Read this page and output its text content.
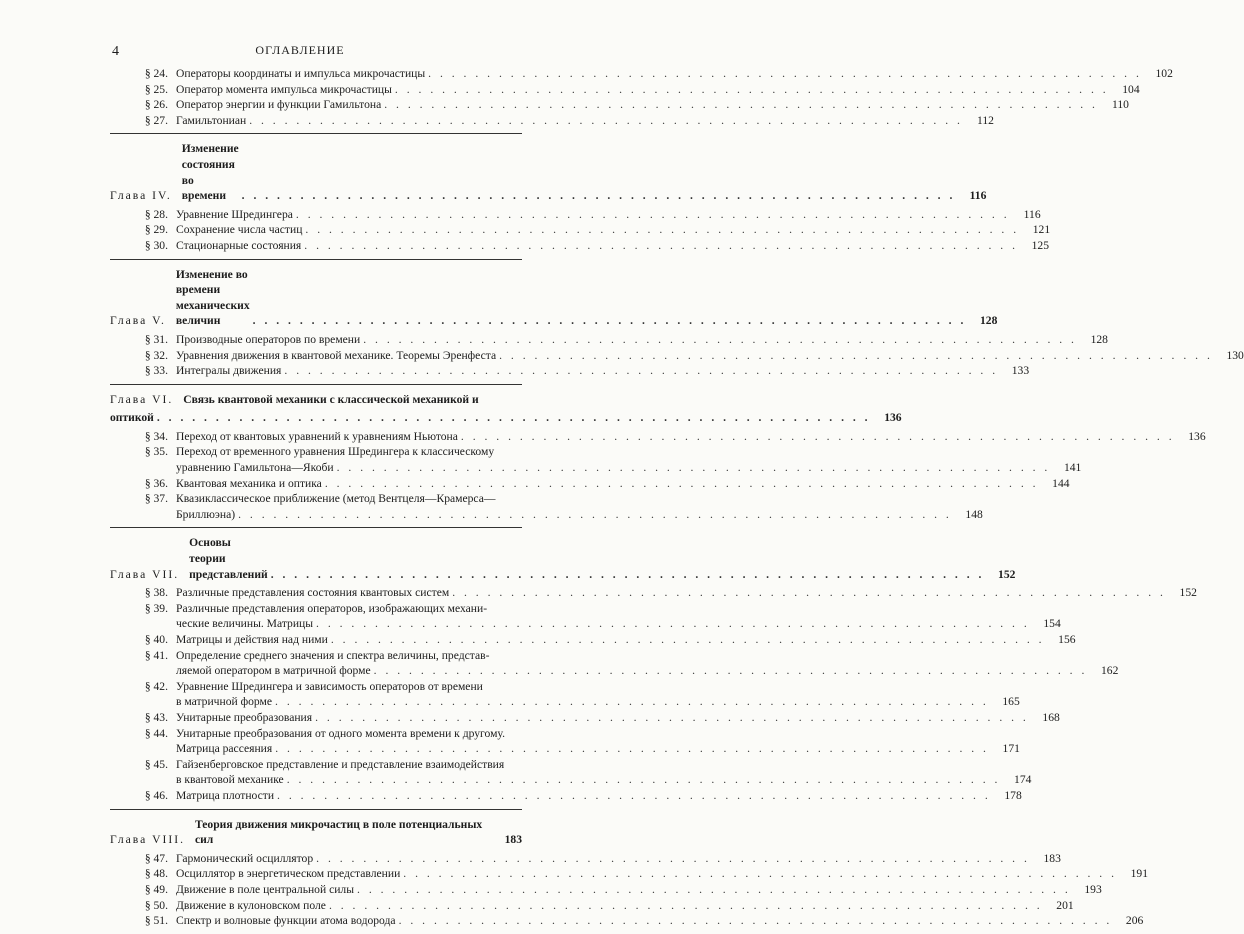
4	ОГЛАВЛЕНИЕ
§ 24. Операторы координаты и импульса микрочастицы . . . . . . . . . . . . . . . . . . . . . . . . . . . . . . . . . . . . . . . . . . . . . . . . . . . . . . . . . . . . .	102
§ 25. Оператор момента импульса микрочастицы . . . . . . . . . . . . . . . . . . . . . . . . . . . . . . . . . . . . . . . . . . . . . . . . . . . . . . . . . . . . .	104
§ 26. Оператор энергии и функции Гамильтона . . . . . . . . . . . . . . . . . . . . . . . . . . . . . . . . . . . . . . . . . . . . . . . . . . . . . . . . . . . . .	110
§ 27. Гамильтониан . . . . . . . . . . . . . . . . . . . . . . . . . . . . . . . . . . . . . . . . . . . . . . . . . . . . . . . . . . . . .	112
Глава IV.
Изменение состояния во времени	. . . . . . . . . . . . . . . . . . . . . . . . . . . . . . . . . . . . . . . . . . . . . . . . . . . . . . . . . . . . .	116
§ 28. Уравнение Шредингера . . . . . . . . . . . . . . . . . . . . . . . . . . . . . . . . . . . . . . . . . . . . . . . . . . . . . . . . . . . . .	116
§ 29. Сохранение числа частиц . . . . . . . . . . . . . . . . . . . . . . . . . . . . . . . . . . . . . . . . . . . . . . . . . . . . . . . . . . . . .	121
§ 30. Стационарные состояния . . . . . . . . . . . . . . . . . . . . . . . . . . . . . . . . . . . . . . . . . . . . . . . . . . . . . . . . . . . . .	125
Глава V.
Изменение во времени механических величин	. . . . . . . . . . . . . . . . . . . . . . . . . . . . . . . . . . . . . . . . . . . . . . . . . . . . . . . . . . . . .	128
§ 31. Производные операторов по времени . . . . . . . . . . . . . . . . . . . . . . . . . . . . . . . . . . . . . . . . . . . . . . . . . . . . . . . . . . . . .	128
§ 32. Уравнения движения в квантовой механике. Теоремы Эренфеста . . . . . . . . . . . . . . . . . . . . . . . . . . . . . . . . . . . . . . . . . . . . . . . . . . . . . . . . . . . . .	130
§ 33. Интегралы движения . . . . . . . . . . . . . . . . . . . . . . . . . . . . . . . . . . . . . . . . . . . . . . . . . . . . . . . . . . . . .	133
Глава VI. Связь квантовой механики с классической механикой и
оптикой . . . . . . . . . . . . . . . . . . . . . . . . . . . . . . . . . . . . . . . . . . . . . . . . . . . . . . . . . . . . .	136
§ 34. Переход от квантовых уравнений к уравнениям Ньютона . . . . . . . . . . . . . . . . . . . . . . . . . . . . . . . . . . . . . . . . . . . . . . . . . . . . . . . . . . . . .	136
§ 35. Переход от временного уравнения Шредингера к классическому
уравнению Гамильтона—Якоби . . . . . . . . . . . . . . . . . . . . . . . . . . . . . . . . . . . . . . . . . . . . . . . . . . . . . . . . . . . . .	141
§ 36. Квантовая механика и оптика . . . . . . . . . . . . . . . . . . . . . . . . . . . . . . . . . . . . . . . . . . . . . . . . . . . . . . . . . . . . .	144
§ 37. Квазиклассическое приближение (метод Вентцеля—Крамерса—
Бриллюэна) . . . . . . . . . . . . . . . . . . . . . . . . . . . . . . . . . . . . . . . . . . . . . . . . . . . . . . . . . . . . .	148
Глава VII.
Основы теории представлений . . . . . . . . . . . . . . . . . . . . . . . . . . . . . . . . . . . . . . . . . . . . . . . . . . . . . . . . . . . . .	152
§ 38. Различные представления состояния квантовых систем . . . . . . . . . . . . . . . . . . . . . . . . . . . . . . . . . . . . . . . . . . . . . . . . . . . . . . . . . . . . .	152
§ 39. Различные представления операторов, изображающих механи-
ческие величины. Матрицы . . . . . . . . . . . . . . . . . . . . . . . . . . . . . . . . . . . . . . . . . . . . . . . . . . . . . . . . . . . . .	154
§ 40. Матрицы и действия над ними . . . . . . . . . . . . . . . . . . . . . . . . . . . . . . . . . . . . . . . . . . . . . . . . . . . . . . . . . . . . .	156
§ 41. Определение среднего значения и спектра величины, представ-
ляемой оператором в матричной форме . . . . . . . . . . . . . . . . . . . . . . . . . . . . . . . . . . . . . . . . . . . . . . . . . . . . . . . . . . . . .	162
§ 42. Уравнение Шредингера и зависимость операторов от времени
в матричной форме . . . . . . . . . . . . . . . . . . . . . . . . . . . . . . . . . . . . . . . . . . . . . . . . . . . . . . . . . . . . .	165
§ 43. Унитарные преобразования . . . . . . . . . . . . . . . . . . . . . . . . . . . . . . . . . . . . . . . . . . . . . . . . . . . . . . . . . . . . .	168
§ 44. Унитарные преобразования от одного момента времени к другому.
Матрица рассеяния . . . . . . . . . . . . . . . . . . . . . . . . . . . . . . . . . . . . . . . . . . . . . . . . . . . . . . . . . . . . .	171
§ 45. Гайзенберговское представление и представление взаимодействия
в квантовой механике . . . . . . . . . . . . . . . . . . . . . . . . . . . . . . . . . . . . . . . . . . . . . . . . . . . . . . . . . . . . .	174
§ 46. Матрица плотности . . . . . . . . . . . . . . . . . . . . . . . . . . . . . . . . . . . . . . . . . . . . . . . . . . . . . . . . . . . . .	178
Глава VIII.
Теория движения микрочастиц в поле потенциальных сил	183
§ 47. Гармонический осциллятор . . . . . . . . . . . . . . . . . . . . . . . . . . . . . . . . . . . . . . . . . . . . . . . . . . . . . . . . . . . . .	183
§ 48. Осциллятор в энергетическом представлении . . . . . . . . . . . . . . . . . . . . . . . . . . . . . . . . . . . . . . . . . . . . . . . . . . . . . . . . . . . . .	191
§ 49. Движение в поле центральной силы . . . . . . . . . . . . . . . . . . . . . . . . . . . . . . . . . . . . . . . . . . . . . . . . . . . . . . . . . . . . .	193
§ 50. Движение в кулоновском поле . . . . . . . . . . . . . . . . . . . . . . . . . . . . . . . . . . . . . . . . . . . . . . . . . . . . . . . . . . . . .	201
§ 51. Спектр и волновые функции атома водорода . . . . . . . . . . . . . . . . . . . . . . . . . . . . . . . . . . . . . . . . . . . . . . . . . . . . . . . . . . . . .	206
